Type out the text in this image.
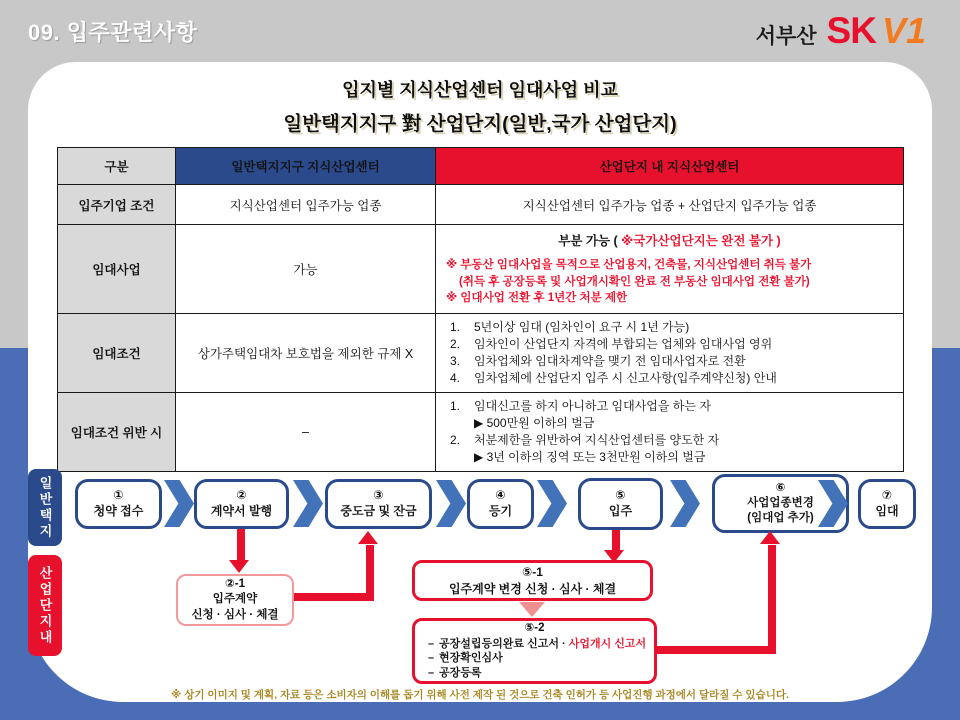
09. 입주관련사항	서부산 SK V1
입지별 지식산업센터 임대사업 비교
일반택지지구 對 산업단지(일반,국가 산업단지)
구분	일반택지지구 지식산업센터	산업단지 내 지식산업센터
입주기업 조건	지식산업센터 입주가능 업종	지식산업센터 입주가능 업종 + 산업단지 입주가능 업종
임대사업	가능	부분 가능 ( ※국가산업단지는 완전 불가 )
※ 부동산 임대사업을 목적으로 산업용지, 건축물, 지식산업센터 취득 불가
(취득 후 공장등록 및 사업개시확인 완료 전 부동산 임대사업 전환 불가)
※ 임대사업 전환 후 1년간 처분 제한

임대조건	상가주택임대차 보호법을 제외한 규제 X	
1.	5년이상 임대 (임차인이 요구 시 1년 가능)
2.	임차인이 산업단지 자격에 부합되는 업체와 임대사업 영위
3.	임차업체와 임대차계약을 맺기 전 임대사업자로 전환
4.	임차업체에 산업단지 입주 시 신고사항(입주계약신청) 안내

임대조건 위반 시	–	
1.	임대신고를 하지 아니하고 임대사업을 하는 자
▶ 500만원 이하의 벌금
2.	처분제한을 위반하여 지식산업센터를 양도한 자
▶ 3년 이하의 징역 또는 3천만원 이하의 벌금
일반택지
산업단지내
①
청약 접수
②
계약서 발행
③
중도금 및 잔금
④
등기
⑤
입주
⑥
사업업종변경
(임대업 추가)
⑦
임대
②-1
입주계약
신청 · 심사 · 체결
⑤-1
입주계약 변경 신청 · 심사 · 체결
⑤-2
– 공장설립등의완료 신고서 · 사업개시 신고서
– 현장확인심사
– 공장등록
※ 상기 이미지 및 계획, 자료 등은 소비자의 이해를 돕기 위해 사전 제작 된 것으로 건축 인허가 등 사업진행 과정에서 달라질 수 있습니다.
